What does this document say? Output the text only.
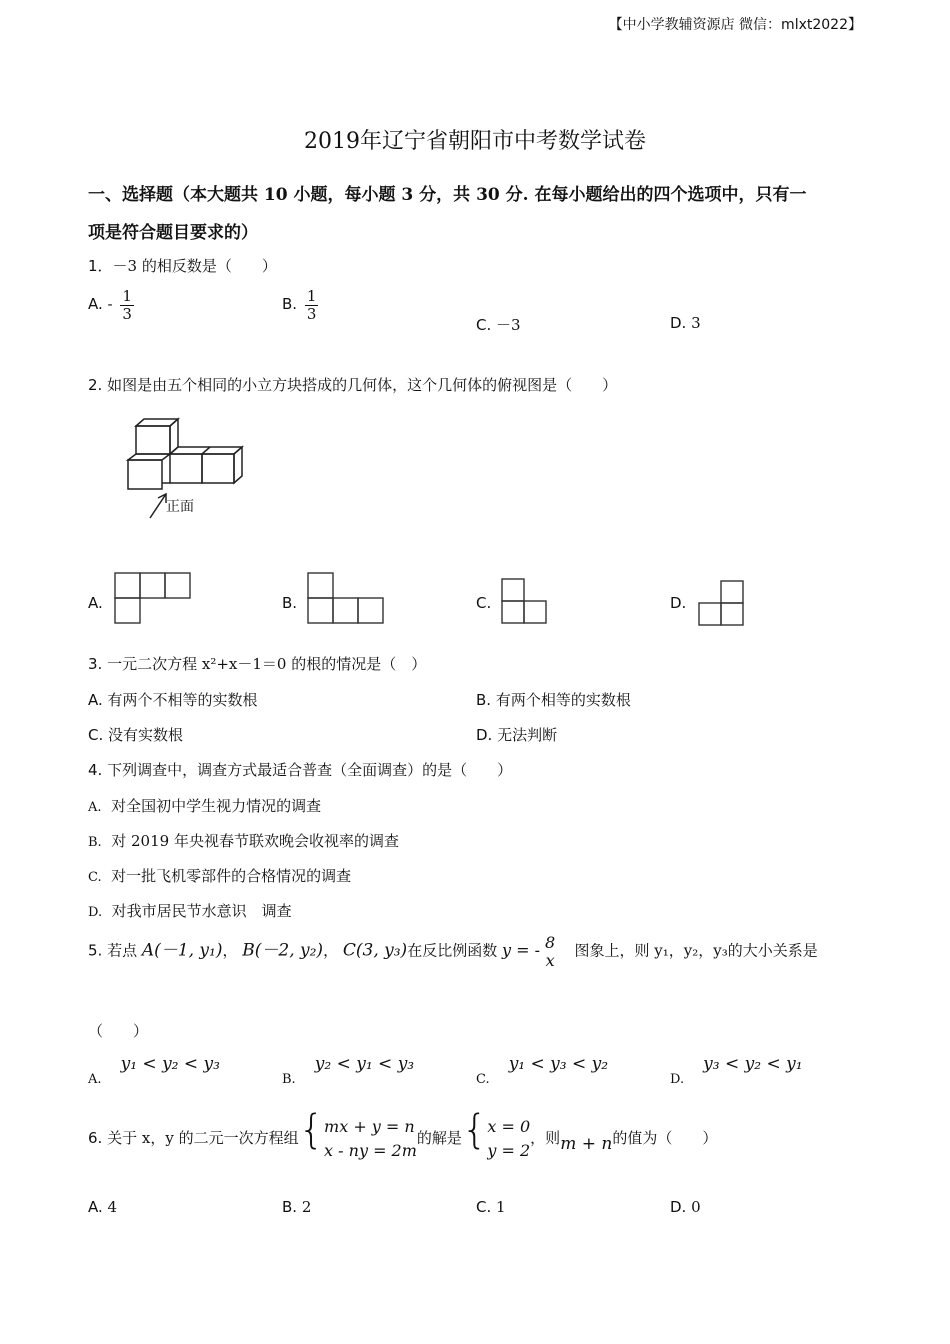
【中小学教辅资源店 微信：mlxt2022】
2019年辽宁省朝阳市中考数学试卷
一、选择题（本大题共 10 小题，每小题 3 分，共 30 分. 在每小题给出的四个选项中，只有一
项是符合题目要求的）
1．－3 的相反数是（　　）
A. - $\frac{1}{3}$	B. $\frac{1}{3}$
C. －3	D. 3
2. 如图是由五个相同的小立方块搭成的几何体，这个几何体的俯视图是（　　）
正面
A.	B.	C.	D.
3. 一元二次方程 x²+x－1＝0 的根的情况是（　）
A. 有两个不相等的实数根	B. 有两个相等的实数根
C. 没有实数根	D. 无法判断
4. 下列调查中，调查方式最适合普查（全面调查）的是（　　）
A. 对全国初中学生视力情况的调查
B. 对 2019 年央视春节联欢晚会收视率的调查
C. 对一批飞机零部件的合格情况的调查
D. 对我市居民节水意识　调查
5. 若点 A(－1, y₁)， B(－2, y₂)， C(3, y₃)在反比例函数 y = - 8
x 图象上，则 y₁，y₂，y₃的大小关系是
（　　）
A.    y₁ < y₂ < y₃
B.    y₂ < y₁ < y₃
C.    y₁ < y₃ < y₂
D.    y₃ < y₂ < y₁
6. 关于 x，y 的二元一次方程组{ mx + y = n
x - ny = 2m
的解是{ x = 0
y = 2
，则m + n的值为（　　）
A. 4	B. 2	C. 1	D. 0
